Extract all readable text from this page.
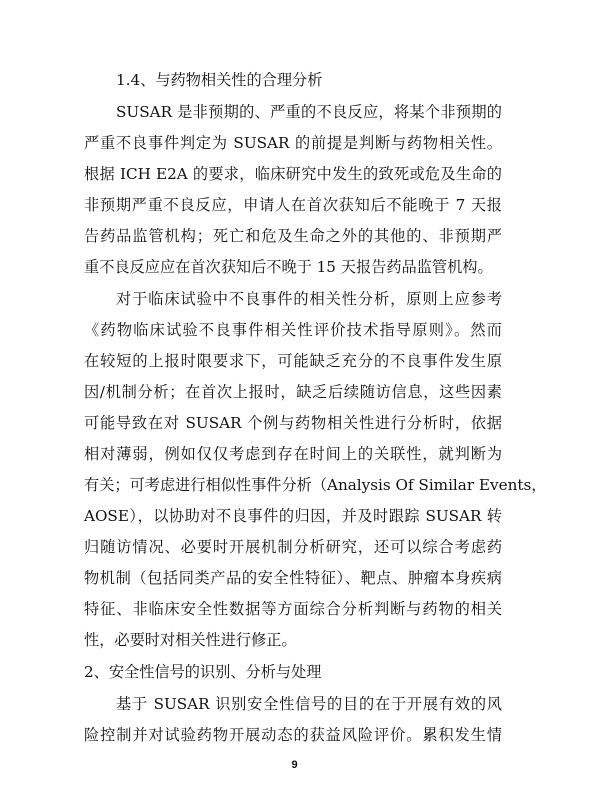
1.4、与药物相关性的合理分析
SUSAR 是非预期的、严重的不良反应，将某个非预期的
严重不良事件判定为 SUSAR 的前提是判断与药物相关性。
根据 ICH E2A 的要求，临床研究中发生的致死或危及生命的
非预期严重不良反应，申请人在首次获知后不能晚于 7 天报
告药品监管机构；死亡和危及生命之外的其他的、非预期严
重不良反应应在首次获知后不晚于 15 天报告药品监管机构。
对于临床试验中不良事件的相关性分析，原则上应参考
《药物临床试验不良事件相关性评价技术指导原则》。然而
在较短的上报时限要求下，可能缺乏充分的不良事件发生原
因/机制分析；在首次上报时，缺乏后续随访信息，这些因素
可能导致在对 SUSAR 个例与药物相关性进行分析时，依据
相对薄弱，例如仅仅考虑到存在时间上的关联性，就判断为
有关；可考虑进行相似性事件分析（Analysis Of Similar Events，
AOSE），以协助对不良事件的归因，并及时跟踪 SUSAR 转
归随访情况、必要时开展机制分析研究，还可以综合考虑药
物机制（包括同类产品的安全性特征）、靶点、肿瘤本身疾病
特征、非临床安全性数据等方面综合分析判断与药物的相关
性，必要时对相关性进行修正。
2、安全性信号的识别、分析与处理
基于 SUSAR 识别安全性信号的目的在于开展有效的风
险控制并对试验药物开展动态的获益风险评价。累积发生情
9
